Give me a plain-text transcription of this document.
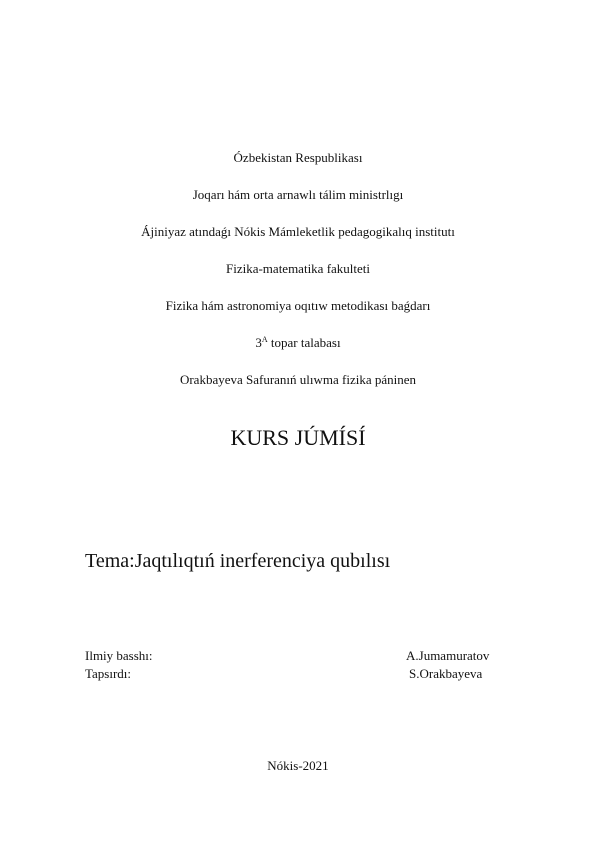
Ózbekistan Respublikası
Joqarı hám orta arnawlı tálim ministrlıgı
Ájiniyaz atındaǵı Nókis Mámleketlik pedagogikalıq institutı
Fizika-matematika fakulteti
Fizika hám astronomiya oqıtıw metodikası baǵdarı
$3^A$ topar talabası
Orakbayeva Safuranıń ulıwma fizika páninen
KURS JÚMÍSÍ
Tema:Jaqtılıqtıń inerferenciya qubılısı
Ilmiy basshı:	A.Jumamuratov
Tapsırdı:	S.Orakbayeva
Nókis-2021
